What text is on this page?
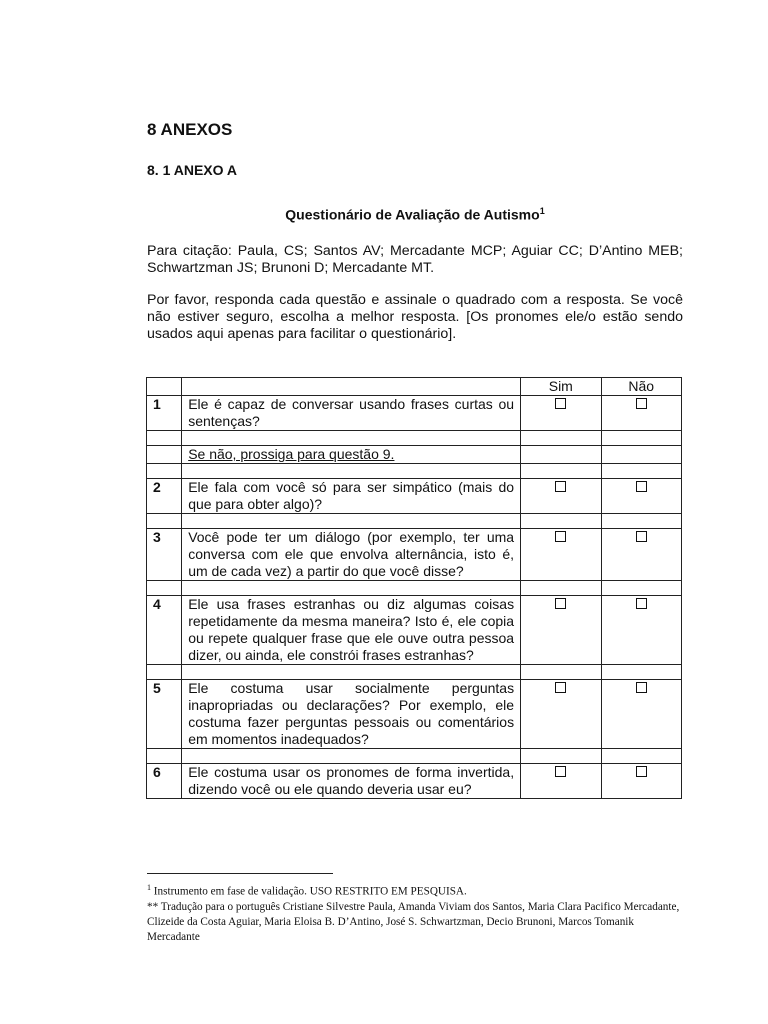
8 ANEXOS
8. 1 ANEXO A
Questionário de Avaliação de Autismo$^1$
Para citação: Paula, CS; Santos AV; Mercadante MCP; Aguiar CC; D’Antino MEB; Schwartzman JS; Brunoni D; Mercadante MT.
Por favor, responda cada questão e assinale o quadrado com a resposta. Se você não estiver seguro, escolha a melhor resposta. [Os pronomes ele/o estão sendo usados aqui apenas para facilitar o questionário].
		Sim	Não
1	Ele é capaz de conversar usando frases curtas ou sentenças?		

	Se não, prossiga para questão 9.		

2	Ele fala com você só para ser simpático (mais do que para obter algo)?		

3	Você pode ter um diálogo (por exemplo, ter uma conversa com ele que envolva alternância, isto é, um de cada vez) a partir do que você disse?		

4	Ele usa frases estranhas ou diz algumas coisas repetidamente da mesma maneira? Isto é, ele copia ou repete qualquer frase que ele ouve outra pessoa dizer, ou ainda, ele constrói frases estranhas?		

5	Ele costuma usar socialmente perguntas inapropriadas ou declarações? Por exemplo, ele costuma fazer perguntas pessoais ou comentários em momentos inadequados?		

6	Ele costuma usar os pronomes de forma invertida, dizendo você ou ele quando deveria usar eu?		
$^1$ Instrumento em fase de validação. USO RESTRITO EM PESQUISA.
** Tradução para o português Cristiane Silvestre Paula, Amanda Viviam dos Santos, Maria Clara Pacifico Mercadante, Clizeide da Costa Aguiar, Maria Eloisa B. D’Antino, José S. Schwartzman, Decio Brunoni, Marcos Tomanik Mercadante
